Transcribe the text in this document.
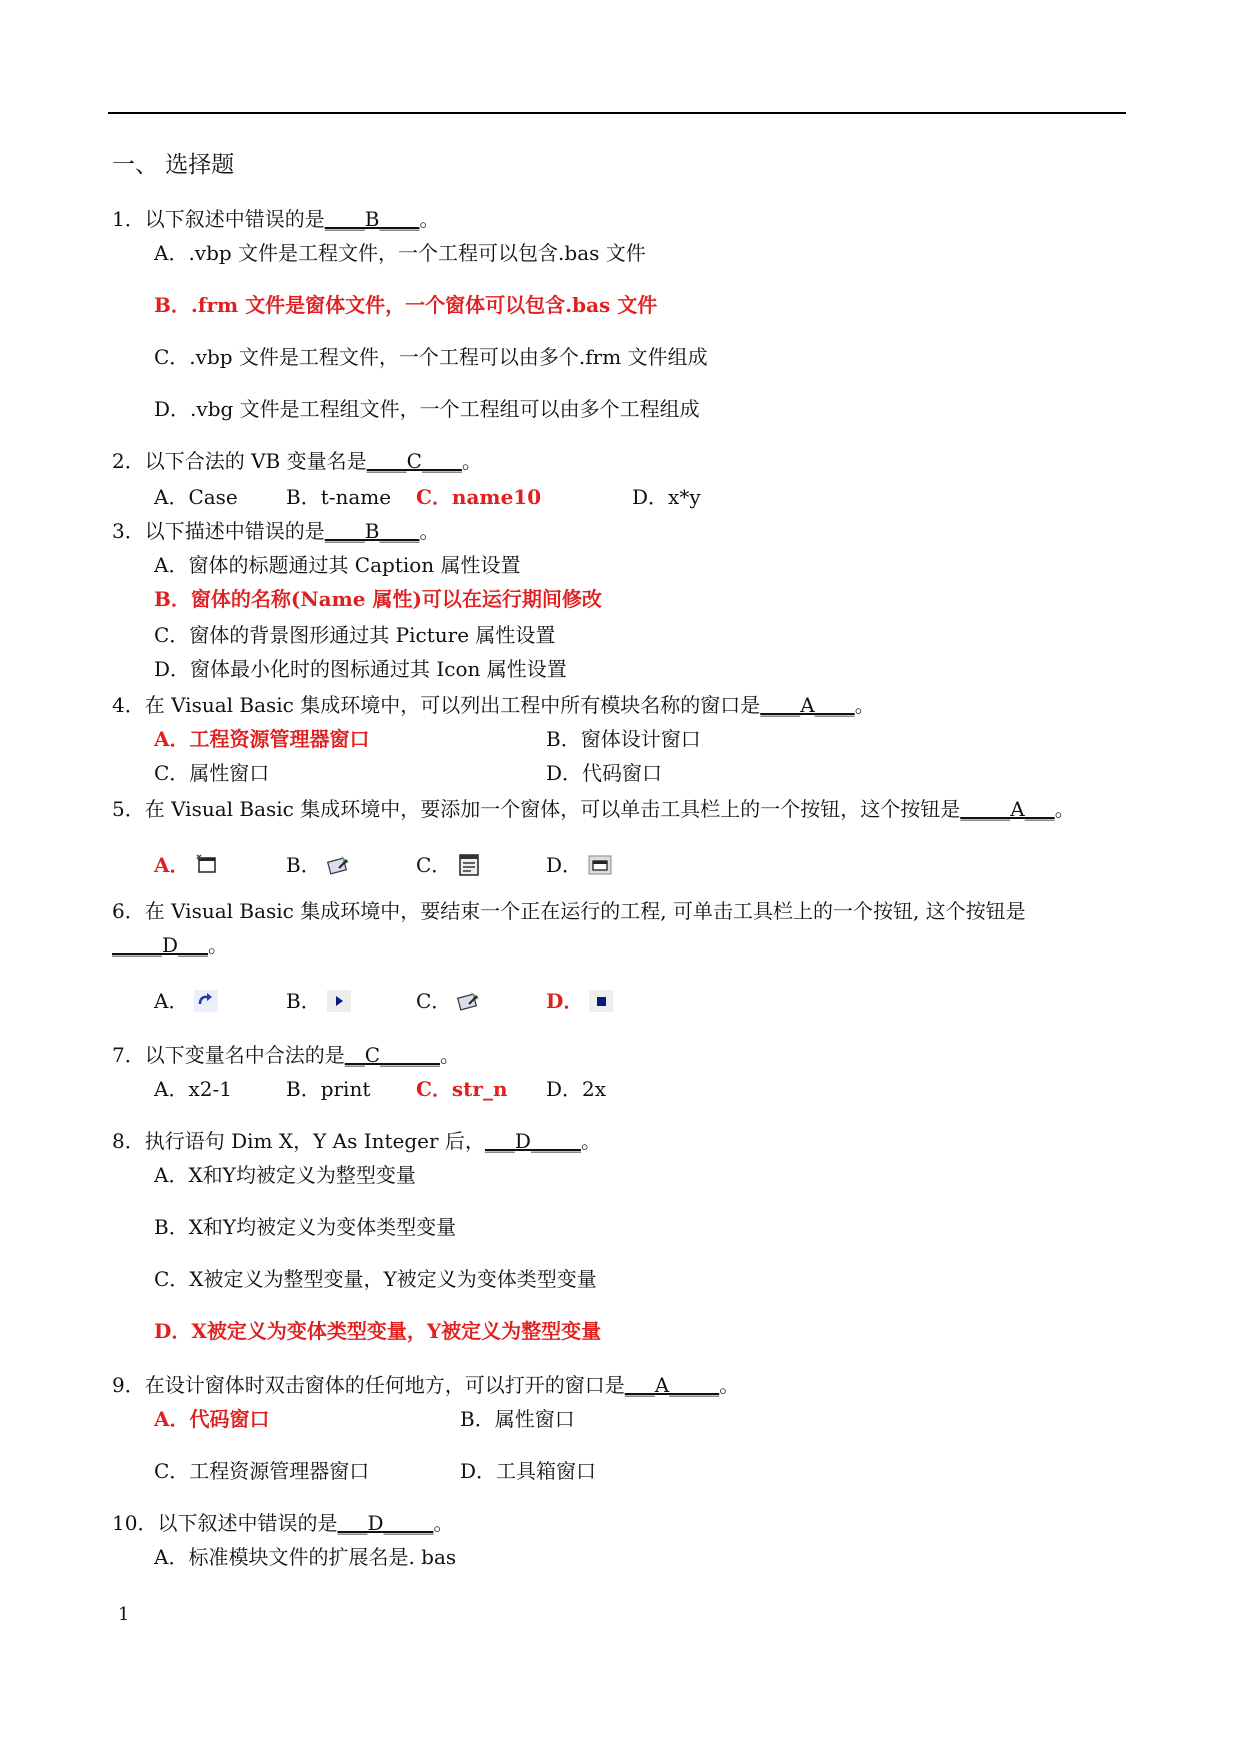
一、 选择题
1．以下叙述中错误的是____B____。
A．.vbp 文件是工程文件，一个工程可以包含.bas 文件
B．.frm 文件是窗体文件，一个窗体可以包含.bas 文件
C．.vbp 文件是工程文件，一个工程可以由多个.frm 文件组成
D．.vbg 文件是工程组文件，一个工程组可以由多个工程组成
2．以下合法的 VB 变量名是____C____。
A．Case B．t-name C．name10	D．x*y
3．以下描述中错误的是____B____。
A．窗体的标题通过其 Caption 属性设置
B．窗体的名称(Name 属性)可以在运行期间修改
C．窗体的背景图形通过其 Picture 属性设置
D．窗体最小化时的图标通过其 Icon 属性设置
4．在 Visual Basic 集成环境中，可以列出工程中所有模块名称的窗口是____A____。
A．工程资源管理器窗口	B．窗体设计窗口
C．属性窗口	D．代码窗口
5．在 Visual Basic 集成环境中，要添加一个窗体，可以单击工具栏上的一个按钮，这个按钮是_____A___。
A．	B．	C．	D．
6．在 Visual Basic 集成环境中，要结束一个正在运行的工程, 可单击工具栏上的一个按钮, 这个按钮是
_____D___。
A．	B．	C．	D．
7．以下变量名中合法的是__C______。
A．x2-1	B．print C．str_n D．2x
8．执行语句 Dim X，Y As Integer 后，___D_____。
A．X和Y均被定义为整型变量
B．X和Y均被定义为变体类型变量
C．X被定义为整型变量，Y被定义为变体类型变量
D．X被定义为变体类型变量，Y被定义为整型变量
9．在设计窗体时双击窗体的任何地方，可以打开的窗口是___A_____。
A．代码窗口	B．属性窗口
C．工程资源管理器窗口	D．工具箱窗口
10．以下叙述中错误的是___D_____。
A．标准模块文件的扩展名是. bas
1
